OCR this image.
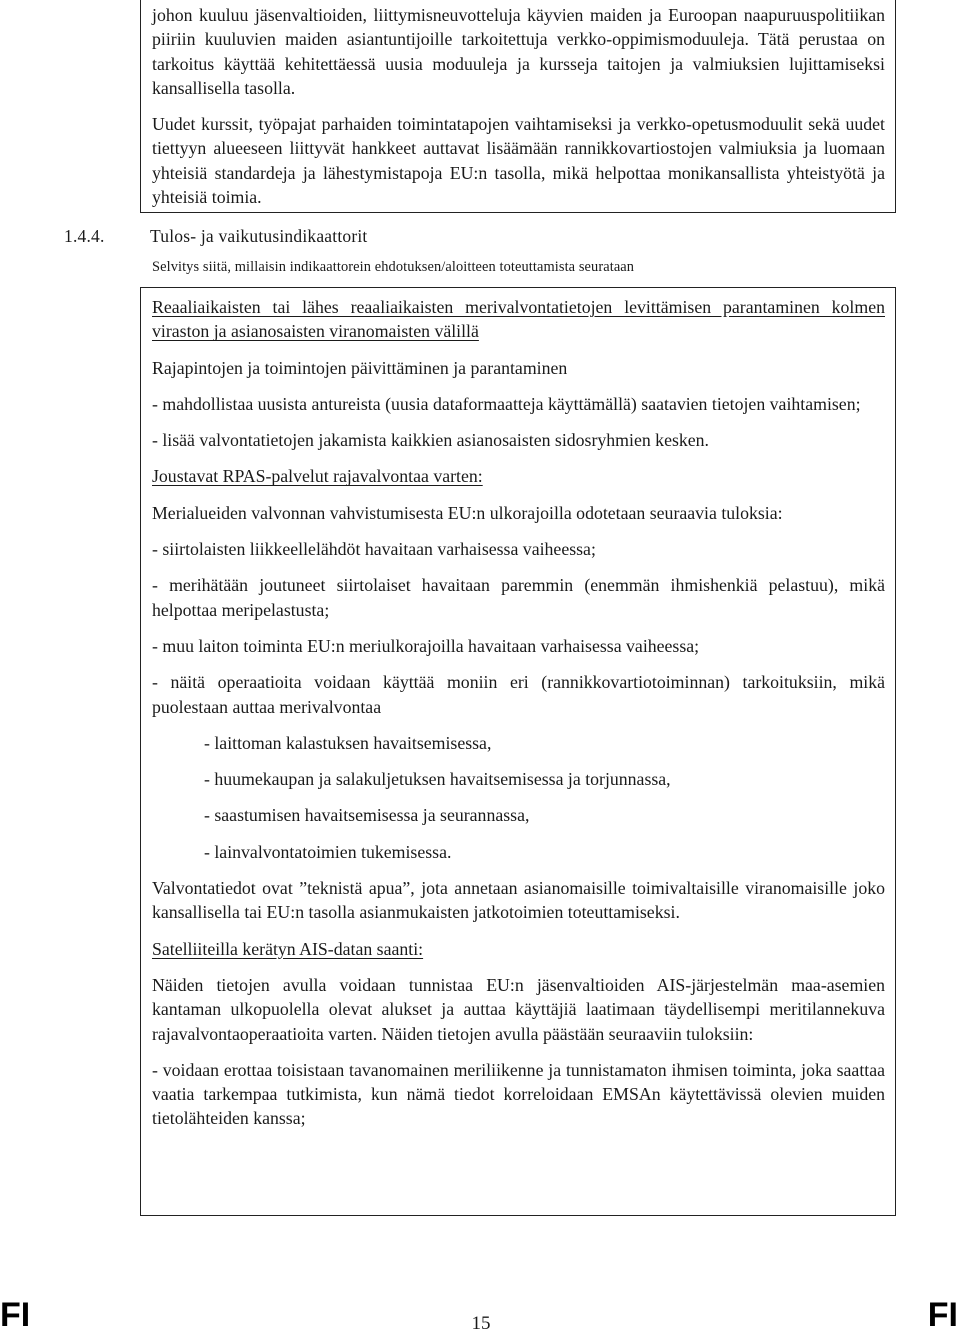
johon kuuluu jäsenvaltioiden, liittymisneuvotteluja käyvien maiden ja Euroopan naapuruuspolitiikan piiriin kuuluvien maiden asiantuntijoille tarkoitettuja verkko-oppimismoduuleja. Tätä perustaa on tarkoitus käyttää kehitettäessä uusia moduuleja ja kursseja taitojen ja valmiuksien lujittamiseksi kansallisella tasolla.

Uudet kurssit, työpajat parhaiden toimintatapojen vaihtamiseksi ja verkko-opetusmoduulit sekä uudet tiettyyn alueeseen liittyvät hankkeet auttavat lisäämään rannikkovartiostojen valmiuksia ja luomaan yhteisiä standardeja ja lähestymistapoja EU:n tasolla, mikä helpottaa monikansallista yhteistyötä ja yhteisiä toimia.

1.4.4.	Tulos- ja vaikutusindikaattorit
Selvitys siitä, millaisin indikaattorein ehdotuksen/aloitteen toteuttamista seurataan

Reaaliaikaisten tai lähes reaaliaikaisten merivalvontatietojen levittämisen parantaminen kolmen viraston ja asianosaisten viranomaisten välillä

Rajapintojen ja toimintojen päivittäminen ja parantaminen

- mahdollistaa uusista antureista (uusia dataformaatteja käyttämällä) saatavien tietojen vaihtamisen;

- lisää valvontatietojen jakamista kaikkien asianosaisten sidosryhmien kesken.

Joustavat RPAS-palvelut rajavalvontaa varten:

Merialueiden valvonnan vahvistumisesta EU:n ulkorajoilla odotetaan seuraavia tuloksia:

- siirtolaisten liikkeellelähdöt havaitaan varhaisessa vaiheessa;

- merihätään joutuneet siirtolaiset havaitaan paremmin (enemmän ihmishenkiä pelastuu), mikä helpottaa meripelastusta;

- muu laiton toiminta EU:n meriulkorajoilla havaitaan varhaisessa vaiheessa;

- näitä operaatioita voidaan käyttää moniin eri (rannikkovartiotoiminnan) tarkoituksiin, mikä puolestaan auttaa merivalvontaa

- laittoman kalastuksen havaitsemisessa,

- huumekaupan ja salakuljetuksen havaitsemisessa ja torjunnassa,

- saastumisen havaitsemisessa ja seurannassa,

- lainvalvontatoimien tukemisessa.

Valvontatiedot ovat ”teknistä apua”, jota annetaan asianomaisille toimivaltaisille viranomaisille joko kansallisella tai EU:n tasolla asianmukaisten jatkotoimien toteuttamiseksi.

Satelliiteilla kerätyn AIS-datan saanti:

Näiden tietojen avulla voidaan tunnistaa EU:n jäsenvaltioiden AIS-järjestelmän maa-asemien kantaman ulkopuolella olevat alukset ja auttaa käyttäjiä laatimaan täydellisempi meritilannekuva rajavalvontaoperaatioita varten. Näiden tietojen avulla päästään seuraaviin tuloksiin:

- voidaan erottaa toisistaan tavanomainen meriliikenne ja tunnistamaton ihmisen toiminta, joka saattaa vaatia tarkempaa tutkimista, kun nämä tiedot korreloidaan EMSAn käytettävissä olevien muiden tietolähteiden kanssa;

FI	15	FI
